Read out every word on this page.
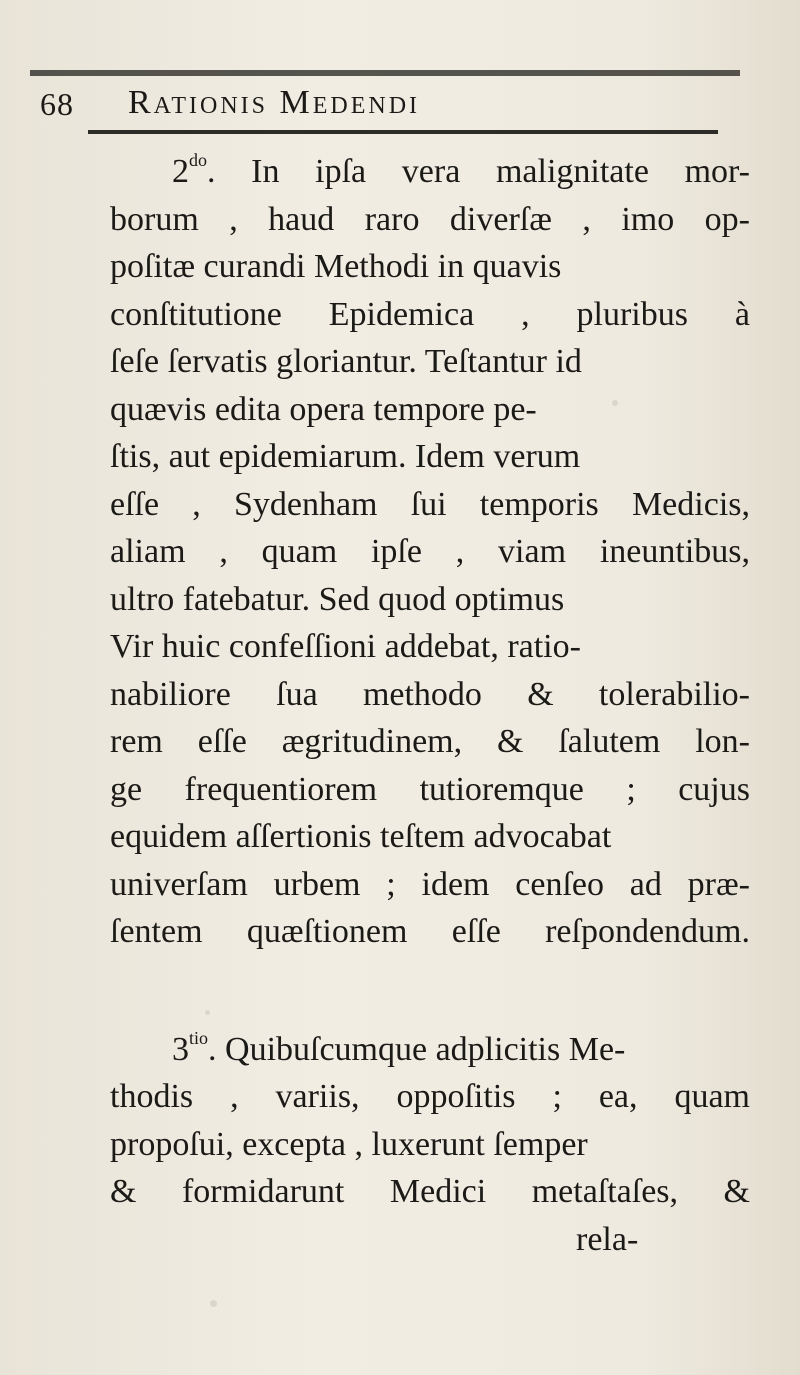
68 Rationis Medendi
$2^{do}$. In ipſa vera malignitate mor-
borum , haud raro diverſæ , imo op-
poſitæ curandi Methodi in quavis
conſtitutione Epidemica , pluribus à
ſeſe ſervatis gloriantur. Teſtantur id
quævis edita opera tempore pe-
ſtis, aut epidemiarum. Idem verum
eſſe , Sydenham ſui temporis Medicis,
aliam , quam ipſe , viam ineuntibus,
ultro fatebatur. Sed quod optimus
Vir huic confeſſioni addebat, ratio-
nabiliore ſua methodo & tolerabilio-
rem eſſe ægritudinem, & ſalutem lon-
ge frequentiorem tutioremque ; cujus
equidem aſſertionis teſtem advocabat
univerſam urbem ; idem cenſeo ad præ-
ſentem quæſtionem eſſe reſpondendum.
$3^{tio}$. Quibuſcumque adplicitis Me-
thodis , variis, oppoſitis ; ea, quam
propoſui, excepta , luxerunt ſemper
& formidarunt Medici metaſtaſes, &
rela-
